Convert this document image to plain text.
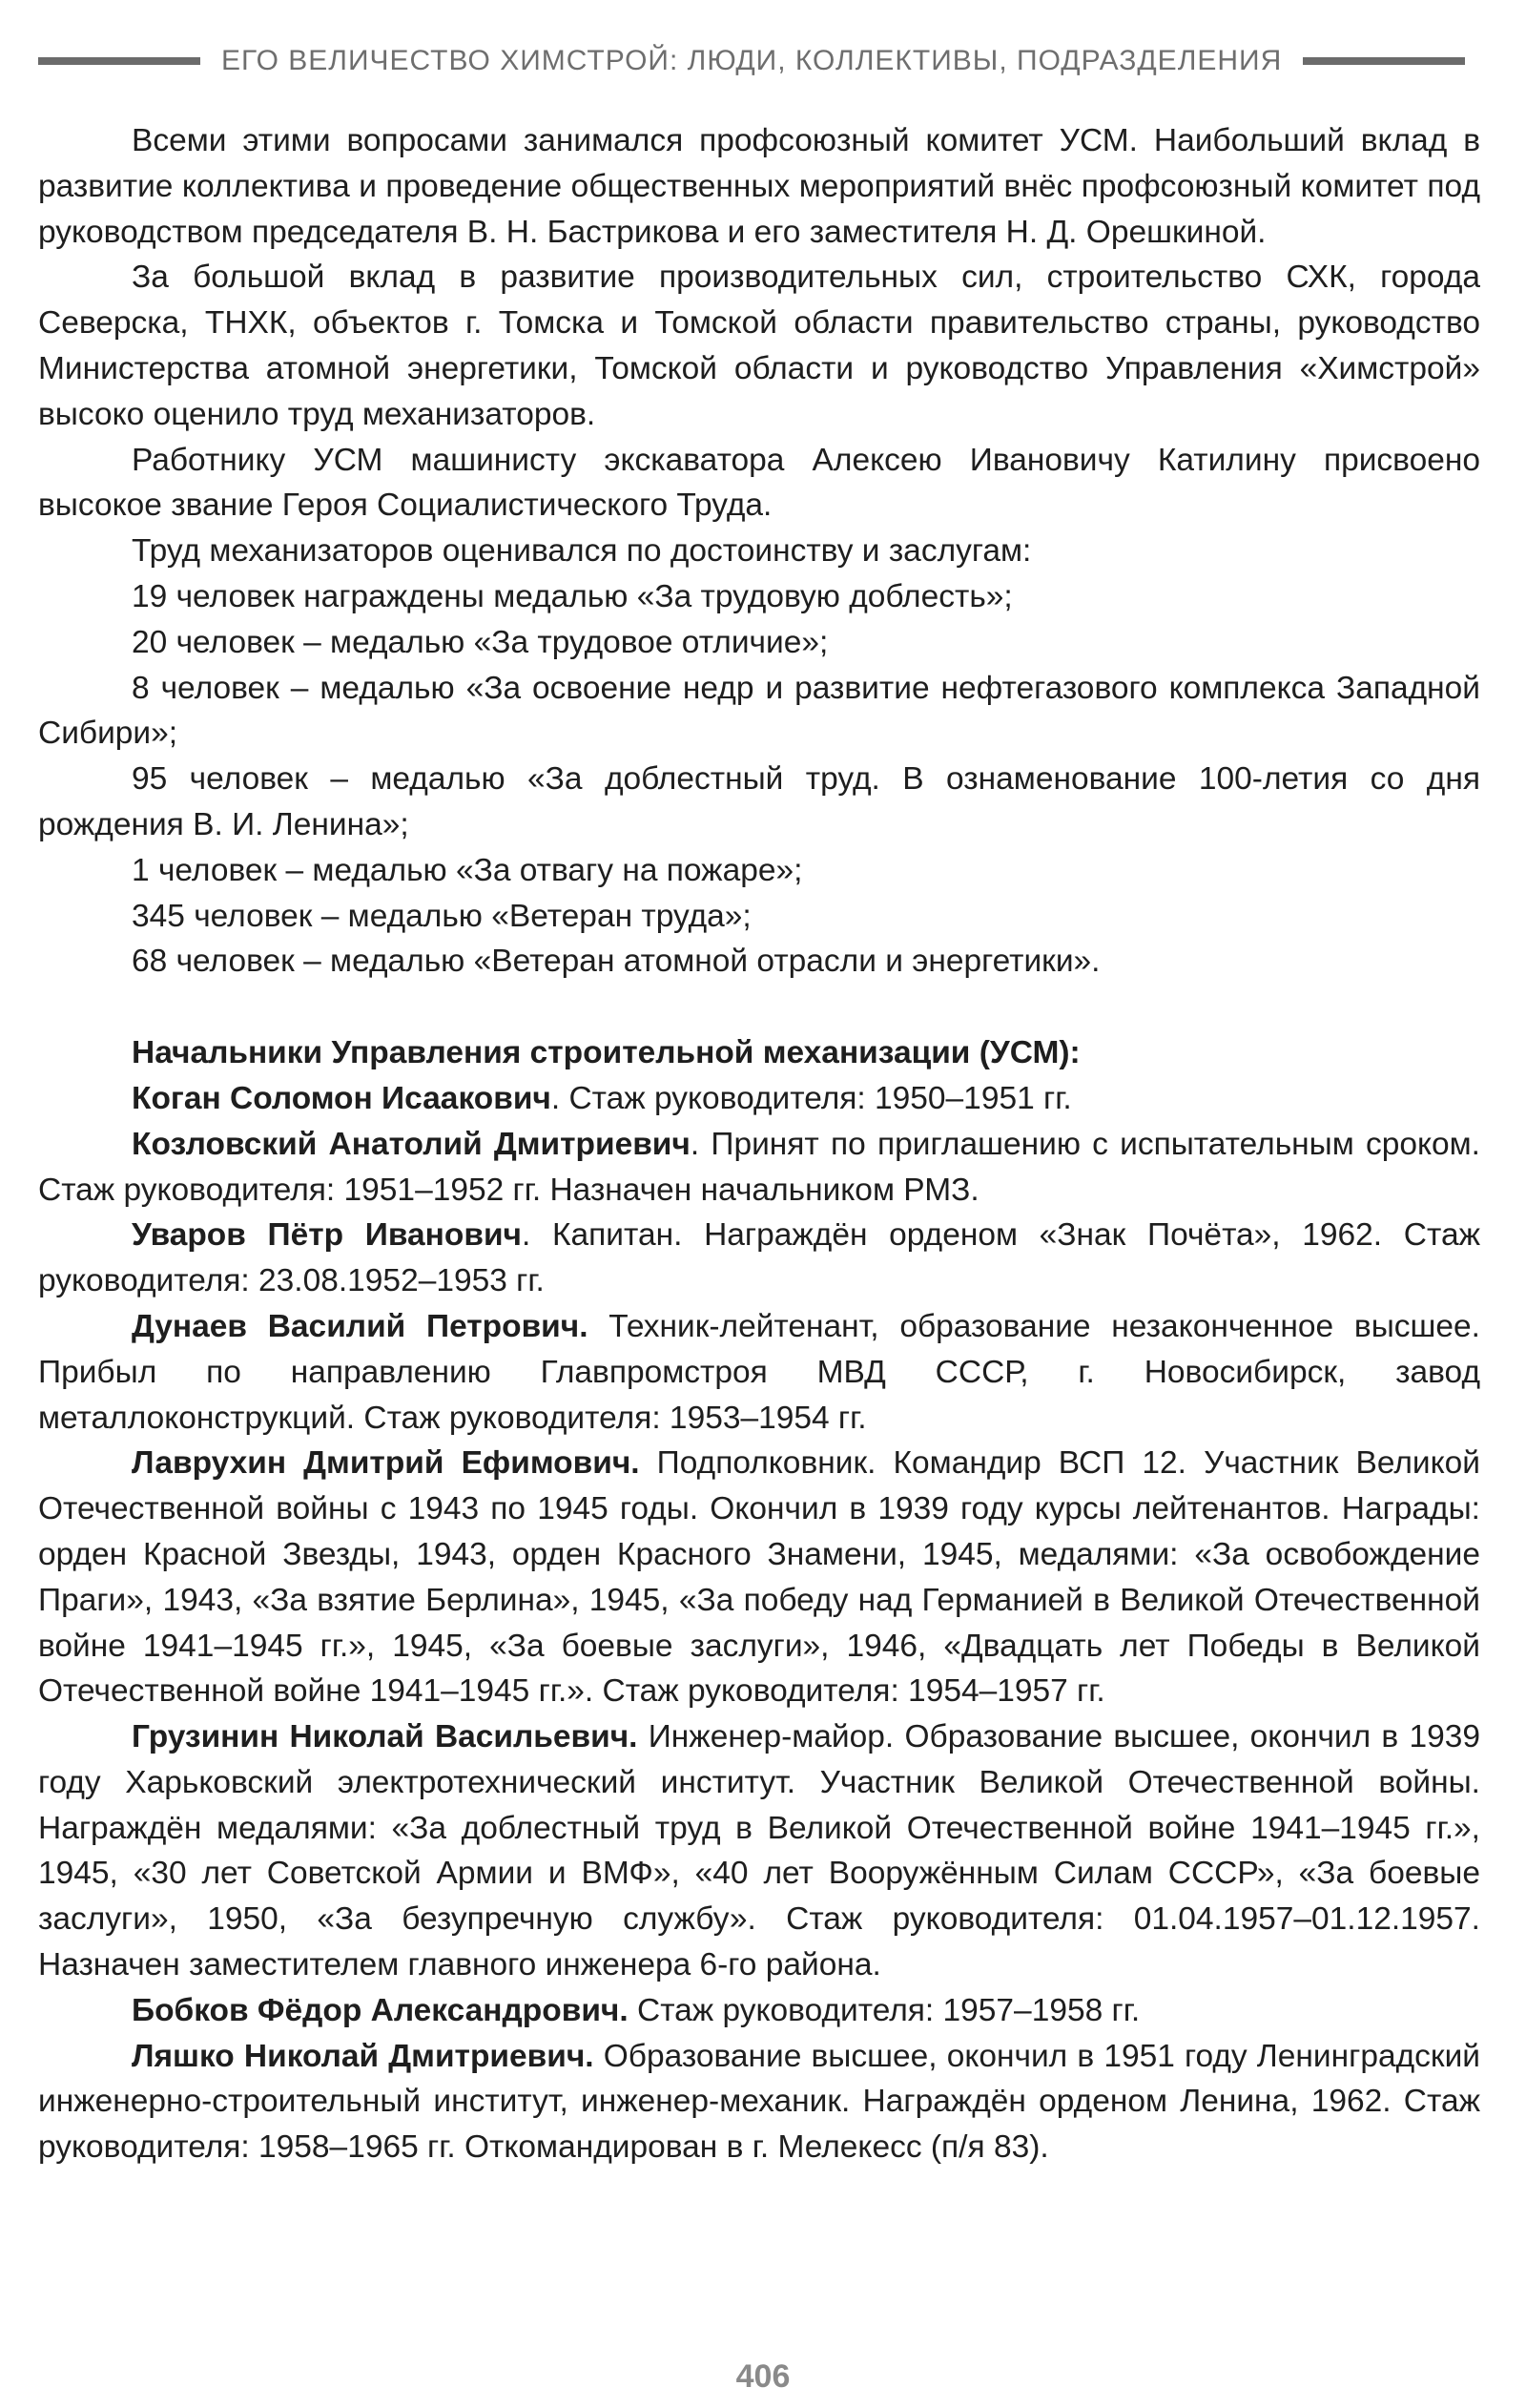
ЕГО ВЕЛИЧЕСТВО ХИМСТРОЙ: ЛЮДИ, КОЛЛЕКТИВЫ, ПОДРАЗДЕЛЕНИЯ

Всеми этими вопросами занимался профсоюзный комитет УСМ. Наибольший вклад в развитие коллектива и проведение общественных мероприятий внёс профсоюзный комитет под руководством председателя В. Н. Бастрикова и его заместителя Н. Д. Орешкиной.

За большой вклад в развитие производительных сил, строительство СХК, города Северска, ТНХК, объектов г. Томска и Томской области правительство страны, руководство Министерства атомной энергетики, Томской области и руководство Управления «Химстрой» высоко оценило труд механизаторов.

Работнику УСМ машинисту экскаватора Алексею Ивановичу Катилину присвоено высокое звание Героя Социалистического Труда.

Труд механизаторов оценивался по достоинству и заслугам:

19 человек награждены медалью «За трудовую доблесть»;

20 человек – медалью «За трудовое отличие»;

8 человек – медалью «За освоение недр и развитие нефтегазового комплекса Западной Сибири»;

95 человек – медалью «За доблестный труд. В ознаменование 100-летия со дня рождения В. И. Ленина»;

1 человек – медалью «За отвагу на пожаре»;

345 человек – медалью «Ветеран труда»;

68 человек – медалью «Ветеран атомной отрасли и энергетики».

Начальники Управления строительной механизации (УСМ):

Коган Соломон Исаакович. Стаж руководителя: 1950–1951 гг.

Козловский Анатолий Дмитриевич. Принят по приглашению с испытательным сроком. Стаж руководителя: 1951–1952 гг. Назначен начальником РМЗ.

Уваров Пётр Иванович. Капитан. Награждён орденом «Знак Почёта», 1962. Стаж руководителя: 23.08.1952–1953 гг.

Дунаев Василий Петрович. Техник-лейтенант, образование незаконченное высшее. Прибыл по направлению Главпромстроя МВД СССР, г. Новосибирск, завод металлоконструкций. Стаж руководителя: 1953–1954 гг.

Лаврухин Дмитрий Ефимович. Подполковник. Командир ВСП 12. Участник Великой Отечественной войны с 1943 по 1945 годы. Окончил в 1939 году курсы лейтенантов. Награды: орден Красной Звезды, 1943, орден Красного Знамени, 1945, медалями: «За освобождение Праги», 1943, «За взятие Берлина», 1945, «За победу над Германией в Великой Отечественной войне 1941–1945 гг.», 1945, «За боевые заслуги», 1946, «Двадцать лет Победы в Великой Отечественной войне 1941–1945 гг.». Стаж руководителя: 1954–1957 гг.

Грузинин Николай Васильевич. Инженер-майор. Образование высшее, окончил в 1939 году Харьковский электротехнический институт. Участник Великой Отечественной войны. Награждён медалями: «За доблестный труд в Великой Отечественной войне 1941–1945 гг.», 1945, «30 лет Советской Армии и ВМФ», «40 лет Вооружённым Силам СССР», «За боевые заслуги», 1950, «За безупречную службу». Стаж руководителя: 01.04.1957–01.12.1957. Назначен заместителем главного инженера 6-го района.

Бобков Фёдор Александрович. Стаж руководителя: 1957–1958 гг.

Ляшко Николай Дмитриевич. Образование высшее, окончил в 1951 году Ленинградский инженерно-строительный институт, инженер-механик. Награждён орденом Ленина, 1962. Стаж руководителя: 1958–1965 гг. Откомандирован в г. Мелекесс (п/я 83).

406
